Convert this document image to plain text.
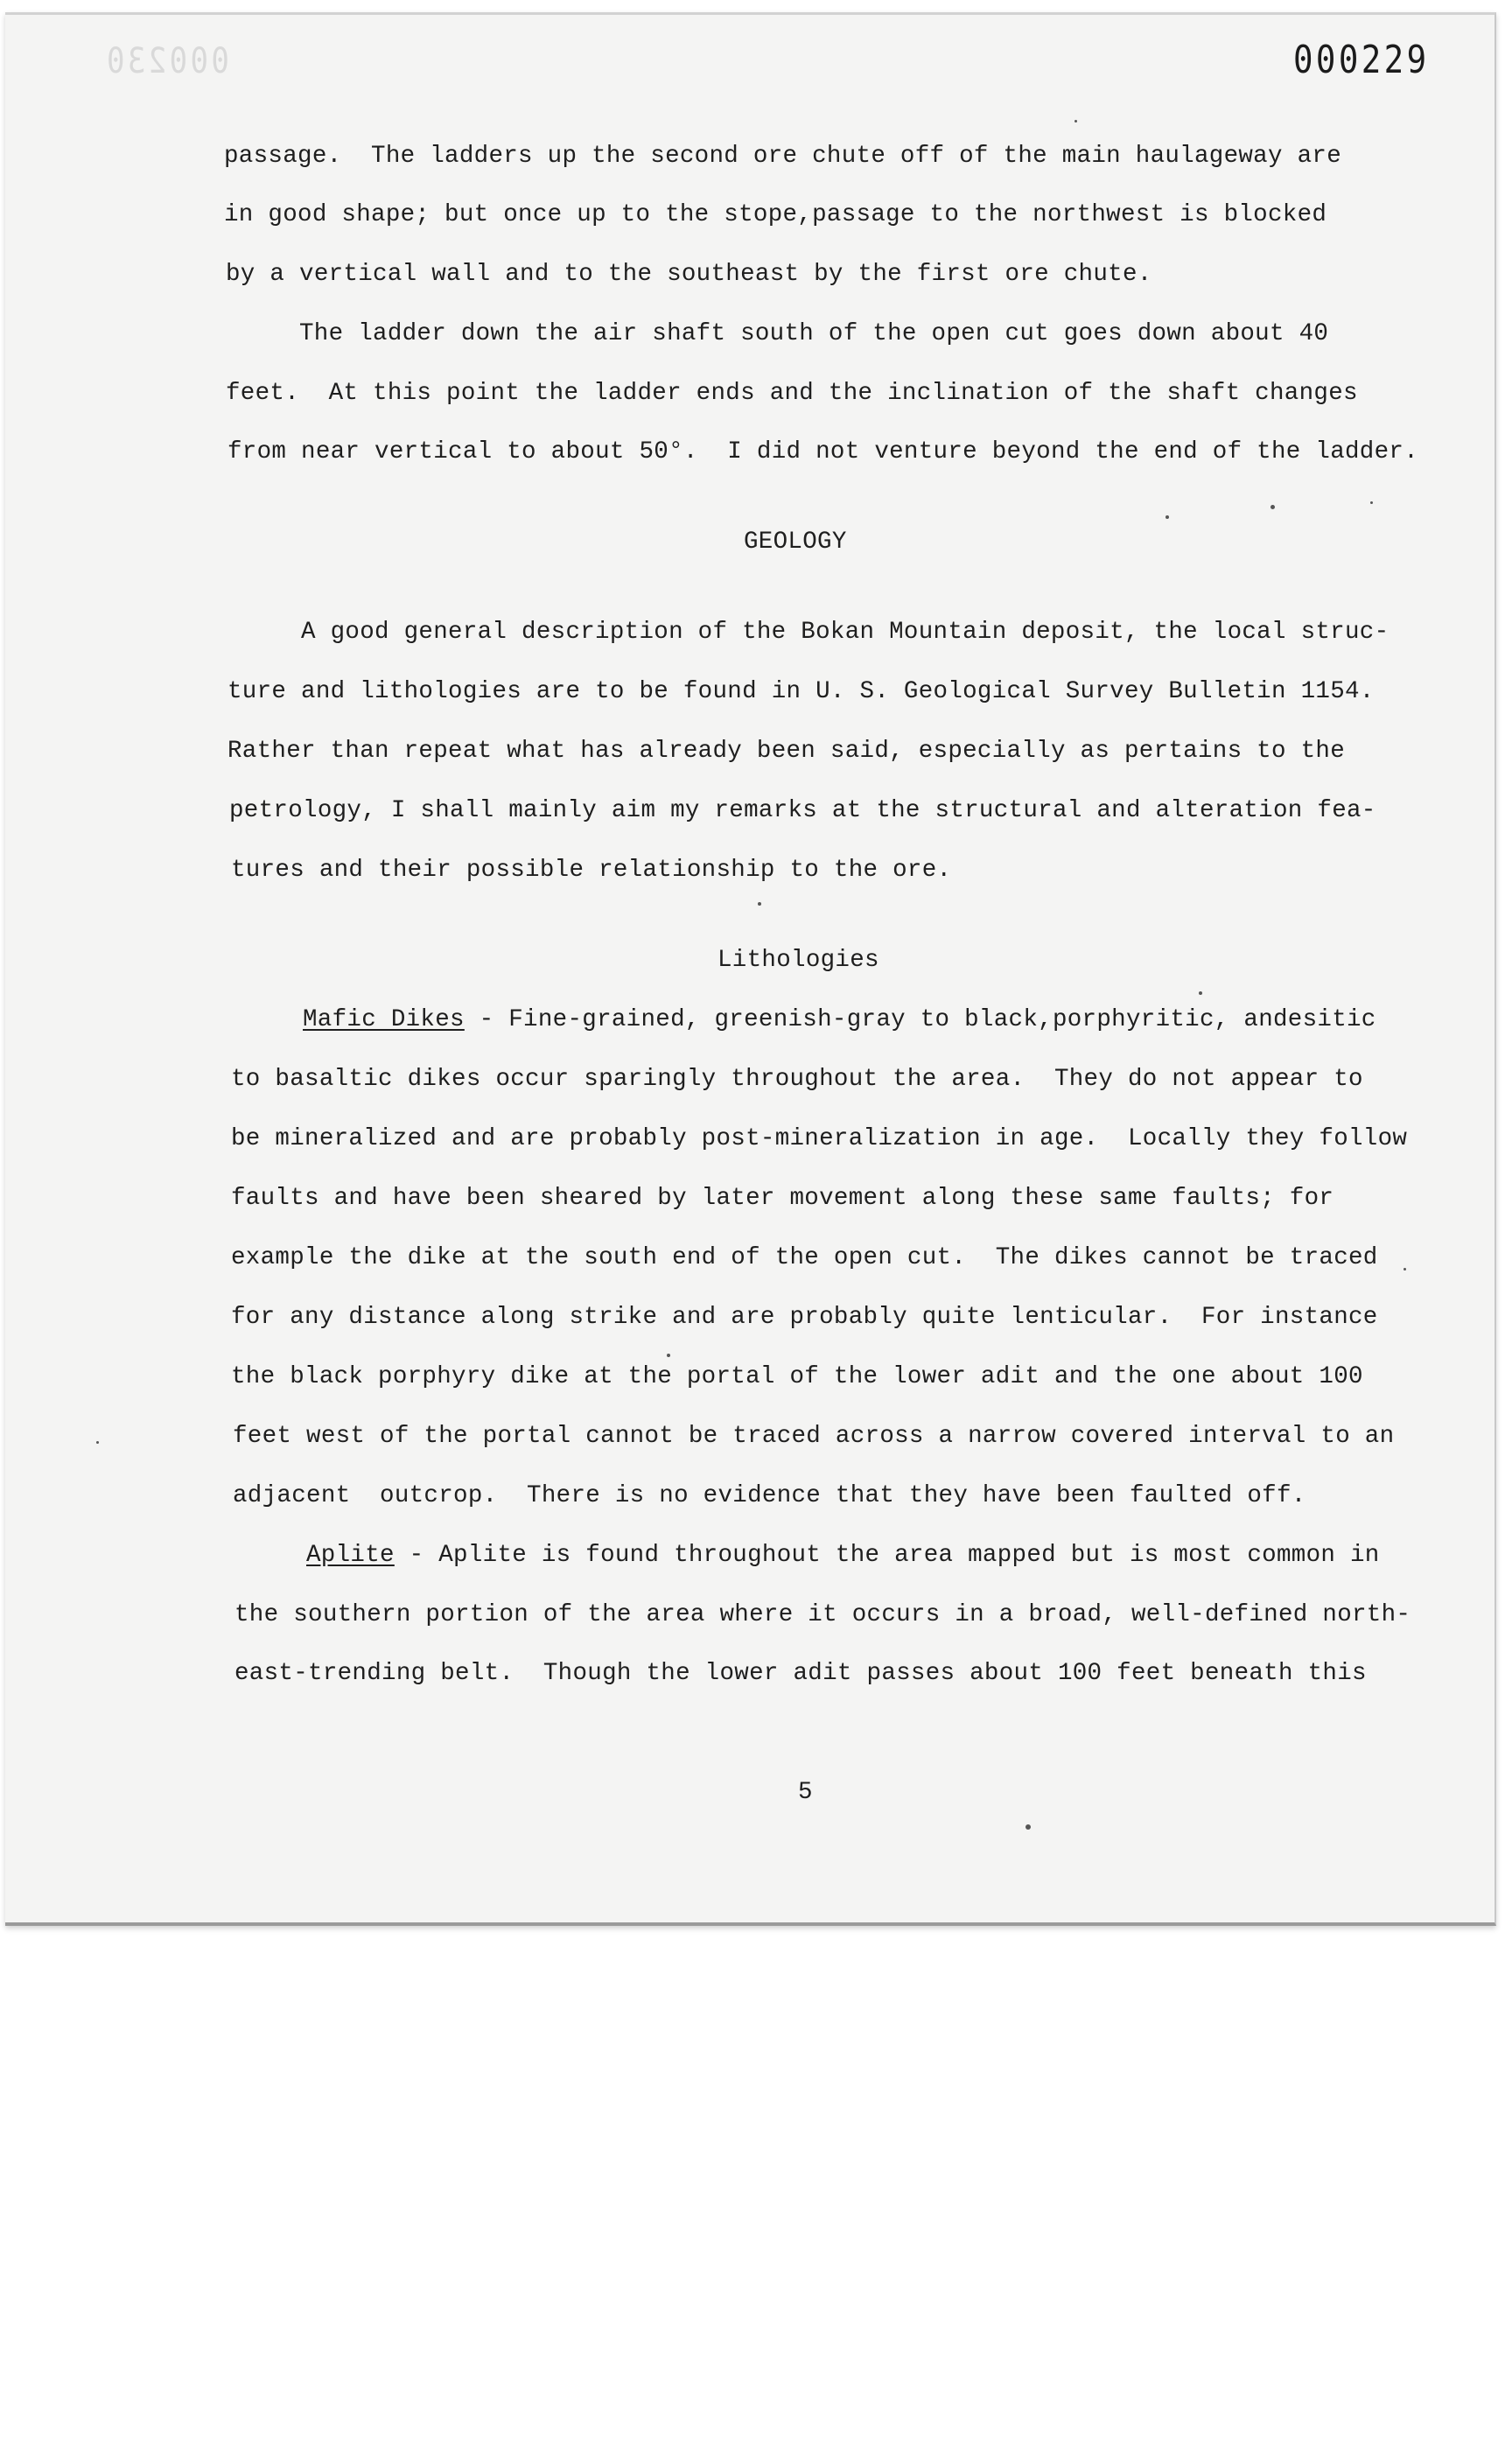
000230	000229
passage.  The ladders up the second ore chute off of the main haulageway are
in good shape; but once up to the stope,passage to the northwest is blocked
by a vertical wall and to the southeast by the first ore chute.
The ladder down the air shaft south of the open cut goes down about 40
feet.  At this point the ladder ends and the inclination of the shaft changes
from near vertical to about 50°.  I did not venture beyond the end of the ladder.
GEOLOGY
A good general description of the Bokan Mountain deposit, the local struc-
ture and lithologies are to be found in U. S. Geological Survey Bulletin 1154.
Rather than repeat what has already been said, especially as pertains to the
petrology, I shall mainly aim my remarks at the structural and alteration fea-
tures and their possible relationship to the ore.
Lithologies
Mafic Dikes - Fine-grained, greenish-gray to black,porphyritic, andesitic
to basaltic dikes occur sparingly throughout the area.  They do not appear to
be mineralized and are probably post-mineralization in age.  Locally they follow
faults and have been sheared by later movement along these same faults; for
example the dike at the south end of the open cut.  The dikes cannot be traced
for any distance along strike and are probably quite lenticular.  For instance
the black porphyry dike at the portal of the lower adit and the one about 100
feet west of the portal cannot be traced across a narrow covered interval to an
adjacent  outcrop.  There is no evidence that they have been faulted off.
Aplite - Aplite is found throughout the area mapped but is most common in
the southern portion of the area where it occurs in a broad, well-defined north-
east-trending belt.  Though the lower adit passes about 100 feet beneath this
5
